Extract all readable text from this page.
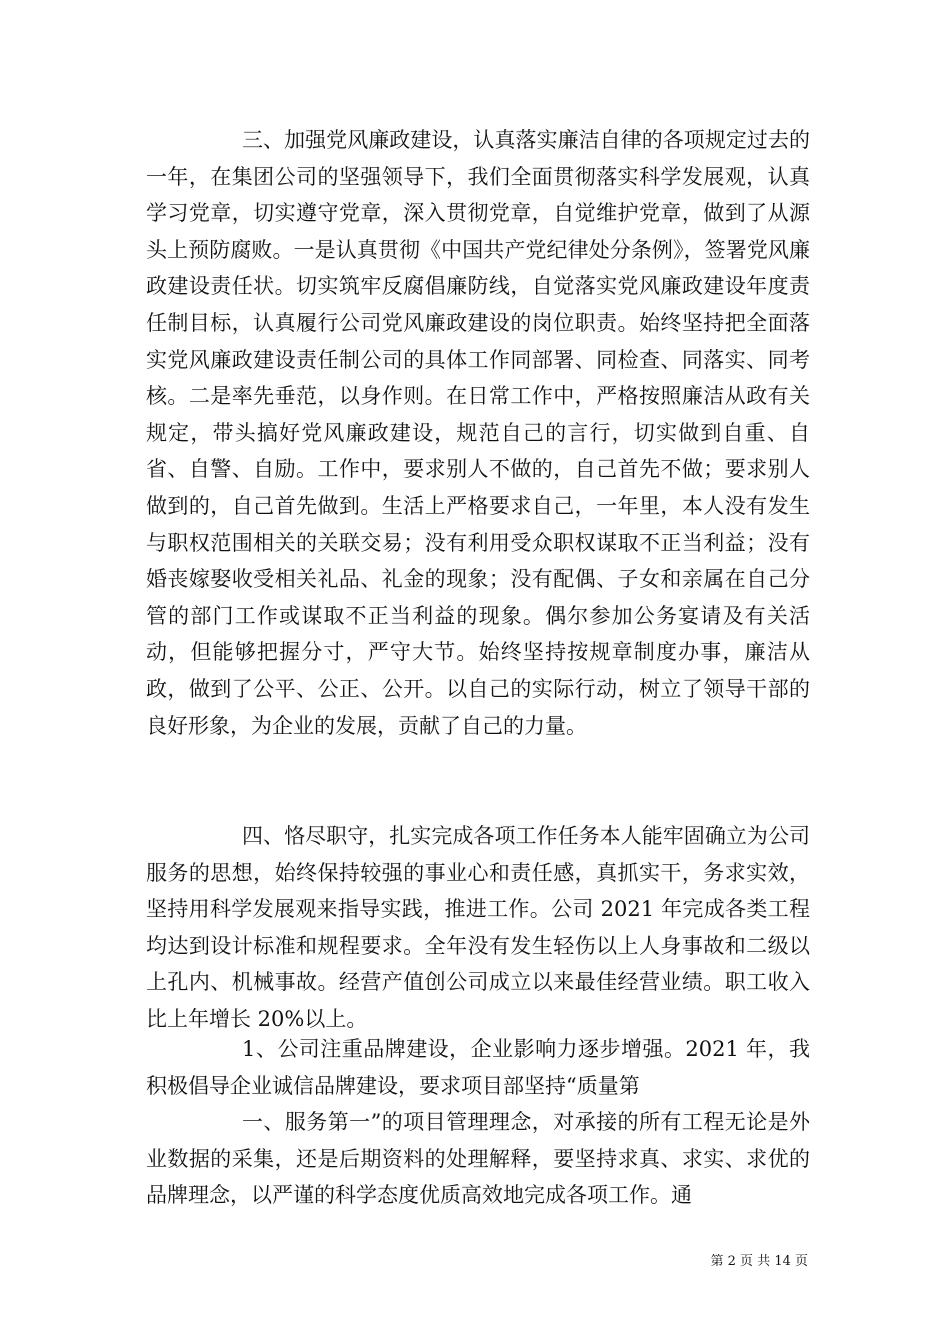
三、加强党风廉政建设，认真落实廉洁自律的各项规定过去的一年，在集团公司的坚强领导下，我们全面贯彻落实科学发展观，认真学习党章，切实遵守党章，深入贯彻党章，自觉维护党章，做到了从源头上预防腐败。一是认真贯彻《中国共产党纪律处分条例》，签署党风廉政建设责任状。切实筑牢反腐倡廉防线，自觉落实党风廉政建设年度责任制目标，认真履行公司党风廉政建设的岗位职责。始终坚持把全面落实党风廉政建设责任制公司的具体工作同部署、同检查、同落实、同考核。二是率先垂范，以身作则。在日常工作中，严格按照廉洁从政有关规定，带头搞好党风廉政建设，规范自己的言行，切实做到自重、自省、自警、自励。工作中，要求别人不做的，自己首先不做；要求别人做到的，自己首先做到。生活上严格要求自己，一年里，本人没有发生与职权范围相关的关联交易；没有利用受众职权谋取不正当利益；没有婚丧嫁娶收受相关礼品、礼金的现象；没有配偶、子女和亲属在自己分管的部门工作或谋取不正当利益的现象。偶尔参加公务宴请及有关活动，但能够把握分寸，严守大节。始终坚持按规章制度办事，廉洁从政，做到了公平、公正、公开。以自己的实际行动，树立了领导干部的良好形象，为企业的发展，贡献了自己的力量。

四、恪尽职守，扎实完成各项工作任务本人能牢固确立为公司服务的思想，始终保持较强的事业心和责任感，真抓实干，务求实效，坚持用科学发展观来指导实践，推进工作。公司 2021 年完成各类工程均达到设计标准和规程要求。全年没有发生轻伤以上人身事故和二级以上孔内、机械事故。经营产值创公司成立以来最佳经营业绩。职工收入比上年增长 20%以上。

1、公司注重品牌建设，企业影响力逐步增强。2021 年，我积极倡导企业诚信品牌建设，要求项目部坚持“质量第

一、服务第一”的项目管理理念，对承接的所有工程无论是外业数据的采集，还是后期资料的处理解释，要坚持求真、求实、求优的品牌理念，以严谨的科学态度优质高效地完成各项工作。通

第 2 页 共 14 页
